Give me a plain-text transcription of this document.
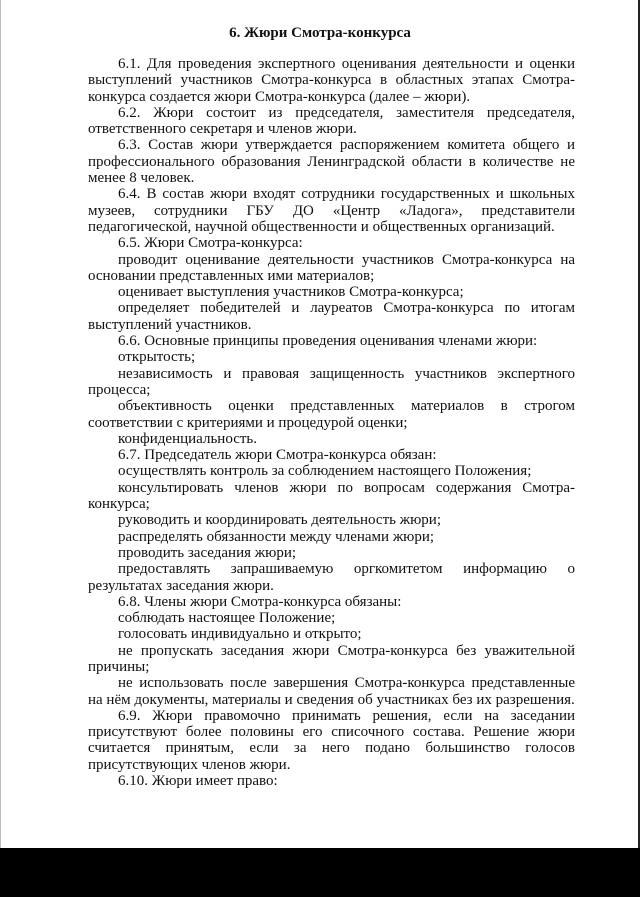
6. Жюри Смотра-конкурса

6.1. Для проведения экспертного оценивания деятельности и оценки выступлений участников Смотра-конкурса в областных этапах Смотра-конкурса создается жюри Смотра-конкурса (далее – жюри).

6.2. Жюри состоит из председателя, заместителя председателя, ответственного секретаря и членов жюри.

6.3. Состав жюри утверждается распоряжением комитета общего и профессионального образования Ленинградской области в количестве не менее 8 человек.

6.4. В состав жюри входят сотрудники государственных и школьных музеев, сотрудники ГБУ ДО «Центр «Ладога», представители педагогической, научной общественности и общественных организаций.

6.5. Жюри Смотра-конкурса:

проводит оценивание деятельности участников Смотра-конкурса на основании представленных ими материалов;

оценивает выступления участников Смотра-конкурса;

определяет победителей и лауреатов Смотра-конкурса по итогам выступлений участников.

6.6. Основные принципы проведения оценивания членами жюри:

открытость;

независимость и правовая защищенность участников экспертного процесса;

объективность оценки представленных материалов в строгом соответствии с критериями и процедурой оценки;

конфиденциальность.

6.7. Председатель жюри Смотра-конкурса обязан:

осуществлять контроль за соблюдением настоящего Положения;

консультировать членов жюри по вопросам содержания Смотра-конкурса;

руководить и координировать деятельность жюри;

распределять обязанности между членами жюри;

проводить заседания жюри;

предоставлять запрашиваемую оргкомитетом информацию о результатах заседания жюри.

6.8. Члены жюри Смотра-конкурса обязаны:

соблюдать настоящее Положение;

голосовать индивидуально и открыто;

не пропускать заседания жюри Смотра-конкурса без уважительной причины;

не использовать после завершения Смотра-конкурса представленные на нём документы, материалы и сведения об участниках без их разрешения.

6.9. Жюри правомочно принимать решения, если на заседании присутствуют более половины его списочного состава. Решение жюри считается принятым, если за него подано большинство голосов присутствующих членов жюри.

6.10. Жюри имеет право:
